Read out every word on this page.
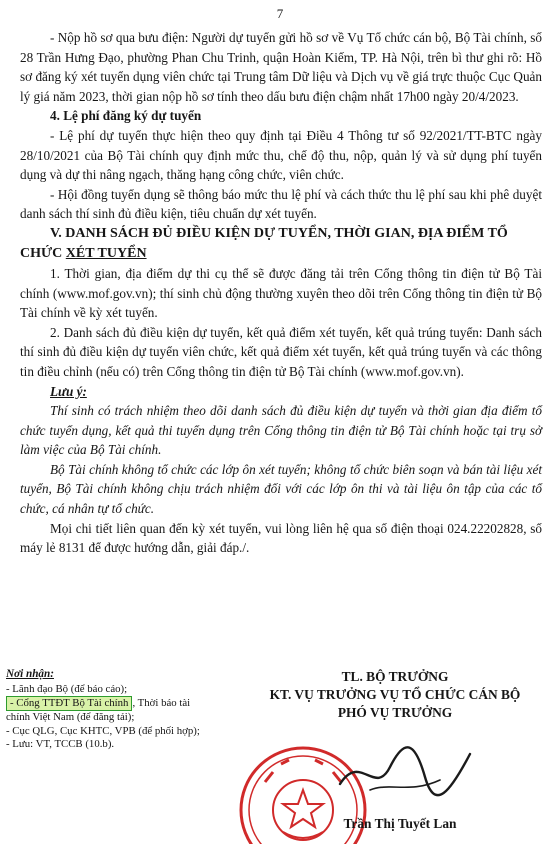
7

- Nộp hồ sơ qua bưu điện: Người dự tuyển gửi hồ sơ về Vụ Tổ chức cán bộ, Bộ Tài chính, số 28 Trần Hưng Đạo, phường Phan Chu Trinh, quận Hoàn Kiếm, TP. Hà Nội, trên bì thư ghi rõ: Hồ sơ đăng ký xét tuyển dụng viên chức tại Trung tâm Dữ liệu và Dịch vụ về giá trực thuộc Cục Quản lý giá năm 2023, thời gian nộp hồ sơ tính theo dấu bưu điện chậm nhất 17h00 ngày 20/4/2023.

4. Lệ phí đăng ký dự tuyển

- Lệ phí dự tuyển thực hiện theo quy định tại Điều 4 Thông tư số 92/2021/TT-BTC ngày 28/10/2021 của Bộ Tài chính quy định mức thu, chế độ thu, nộp, quản lý và sử dụng phí tuyển dụng và dự thi nâng ngạch, thăng hạng công chức, viên chức.

- Hội đồng tuyển dụng sẽ thông báo mức thu lệ phí và cách thức thu lệ phí sau khi phê duyệt danh sách thí sinh đủ điều kiện, tiêu chuẩn dự xét tuyển.

V. DANH SÁCH ĐỦ ĐIỀU KIỆN DỰ TUYỂN, THỜI GIAN, ĐỊA ĐIỂM TỔ CHỨC XÉT TUYỂN

1. Thời gian, địa điểm dự thi cụ thể sẽ được đăng tải trên Cổng thông tin điện tử Bộ Tài chính (www.mof.gov.vn); thí sinh chủ động thường xuyên theo dõi trên Cổng thông tin điện tử Bộ Tài chính về kỳ xét tuyển.

2. Danh sách đủ điều kiện dự tuyển, kết quả điểm xét tuyển, kết quả trúng tuyển: Danh sách thí sinh đủ điều kiện dự tuyển viên chức, kết quả điểm xét tuyển, kết quả trúng tuyển và các thông tin điều chỉnh (nếu có) trên Cổng thông tin điện tử Bộ Tài chính (www.mof.gov.vn).

Lưu ý:

Thí sinh có trách nhiệm theo dõi danh sách đủ điều kiện dự tuyển và thời gian địa điểm tổ chức tuyển dụng, kết quả thi tuyển dụng trên Cổng thông tin điện tử Bộ Tài chính hoặc tại trụ sở làm việc của Bộ Tài chính.

Bộ Tài chính không tổ chức các lớp ôn xét tuyển; không tổ chức biên soạn và bán tài liệu xét tuyển, Bộ Tài chính không chịu trách nhiệm đối với các lớp ôn thi và tài liệu ôn tập của các tổ chức, cá nhân tự tổ chức.

Mọi chi tiết liên quan đến kỳ xét tuyển, vui lòng liên hệ qua số điện thoại 024.22202828, số máy lẻ 8131 để được hướng dẫn, giải đáp./.

Nơi nhận:

- Lãnh đạo Bộ (để báo cáo);

- Cổng TTĐT Bộ Tài chính , Thời báo tài chính Việt Nam (để đăng tải);

- Cục QLG, Cục KHTC, VPB (để phối hợp);

- Lưu: VT, TCCB (10.b).

TL. BỘ TRƯỞNG
KT. VỤ TRƯỞNG VỤ TỔ CHỨC CÁN BỘ
PHÓ VỤ TRƯỞNG
Trần Thị Tuyết Lan
